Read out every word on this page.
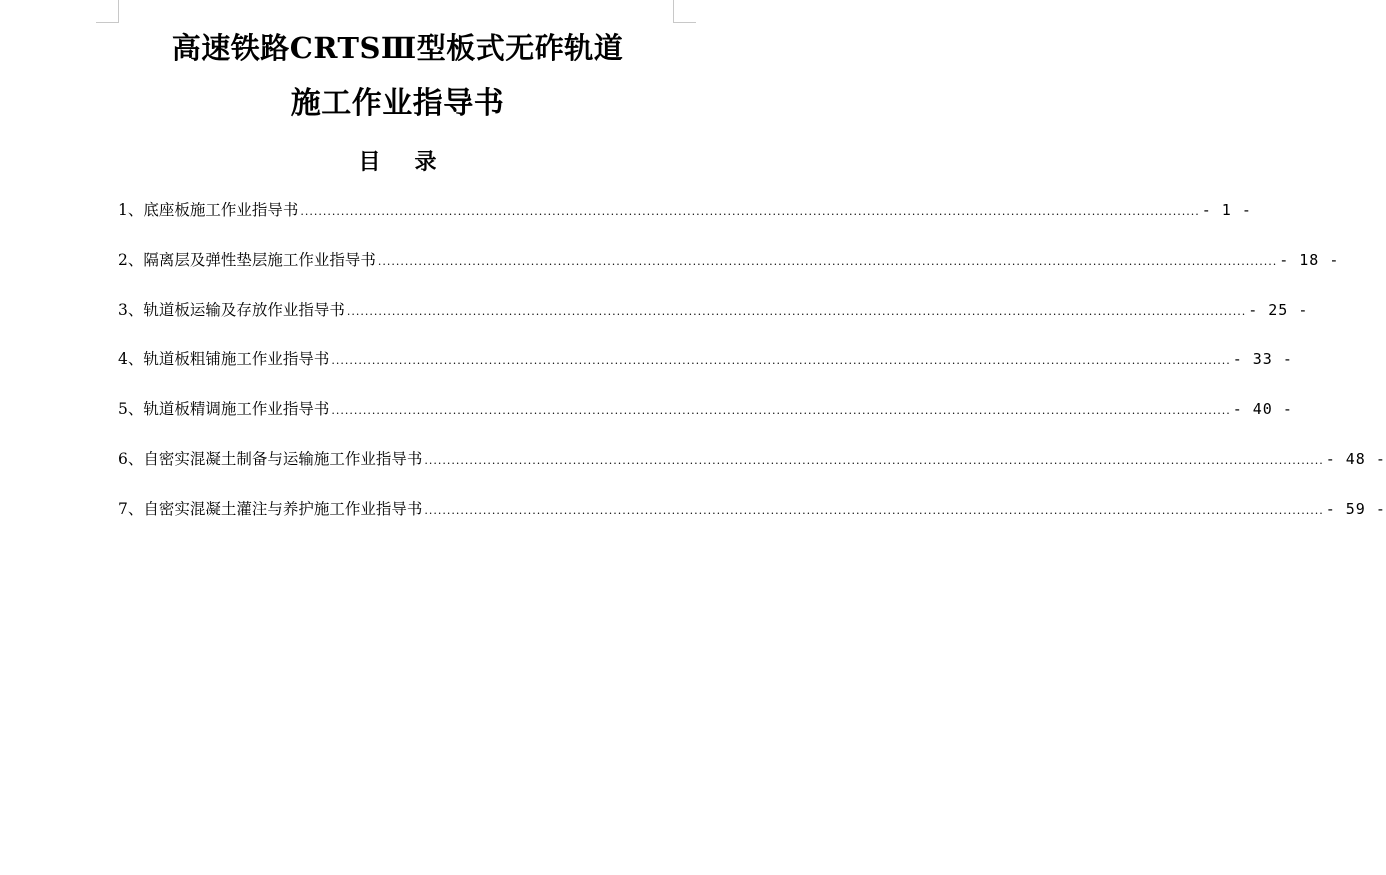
高速铁路CRTSⅢ型板式无砟轨道
施工作业指导书
目 录
1、底座板施工作业指导书 ........................................................................................................................................................................................................ - 1 -
2、隔离层及弹性垫层施工作业指导书 ........................................................................................................................................................................................................ - 18 -
3、轨道板运输及存放作业指导书 ........................................................................................................................................................................................................ - 25 -
4、轨道板粗铺施工作业指导书 ........................................................................................................................................................................................................ - 33 -
5、轨道板精调施工作业指导书 ........................................................................................................................................................................................................ - 40 -
6、自密实混凝土制备与运输施工作业指导书 ........................................................................................................................................................................................................ - 48 -
7、自密实混凝土灌注与养护施工作业指导书 ........................................................................................................................................................................................................ - 59 -
